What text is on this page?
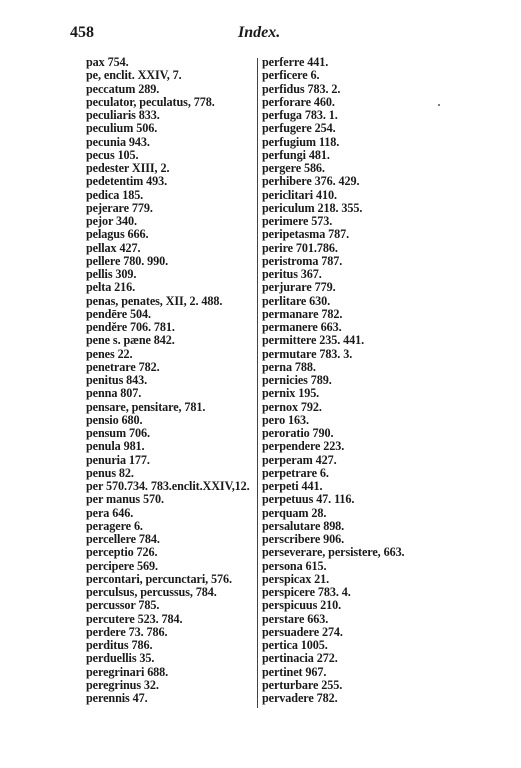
458	Index.
pax 754.
pe, enclit. XXIV, 7.
peccatum 289.
peculator, peculatus, 778.
peculiaris 833.
peculium 506.
pecunia 943.
pecus 105.
pedester XIII, 2.
pedetentim 493.
pedica 185.
pejerare 779.
pejor 340.
pelagus 666.
pellax 427.
pellere 780. 990.
pellis 309.
pelta 216.
penas, penates, XII, 2. 488.
pendēre 504.
pendĕre 706. 781.
pene s. pæne 842.
penes 22.
penetrare 782.
penitus 843.
penna 807.
pensare, pensitare, 781.
pensio 680.
pensum 706.
penula 981.
penuria 177.
penus 82.
per 570.734. 783.enclit.XXIV,12.
per manus 570.
pera 646.
peragere 6.
percellere 784.
perceptio 726.
percipere 569.
percontari, percunctari, 576.
perculsus, percussus, 784.
percussor 785.
percutere 523. 784.
perdere 73. 786.
perditus 786.
perduellis 35.
peregrinari 688.
peregrinus 32.
perennis 47.
perferre 441.
perficere 6.
perfidus 783. 2.
perforare 460.
perfuga 783. 1.
perfugere 254.
perfugium 118.
perfungi 481.
pergere 586.
perhibere 376. 429.
periclitari 410.
periculum 218. 355.
perimere 573.
peripetasma 787.
perire 701.786.
peristroma 787.
peritus 367.
perjurare 779.
perlitare 630.
permanare 782.
permanere 663.
permittere 235. 441.
permutare 783. 3.
perna 788.
pernicies 789.
pernix 195.
pernox 792.
pero 163.
peroratio 790.
perpendere 223.
perperam 427.
perpetrare 6.
perpeti 441.
perpetuus 47. 116.
perquam 28.
persalutare 898.
perscribere 906.
perseverare, persistere, 663.
persona 615.
perspicax 21.
perspicere 783. 4.
perspicuus 210.
perstare 663.
persuadere 274.
pertica 1005.
pertinacia 272.
pertinet 967.
perturbare 255.
pervadere 782.
